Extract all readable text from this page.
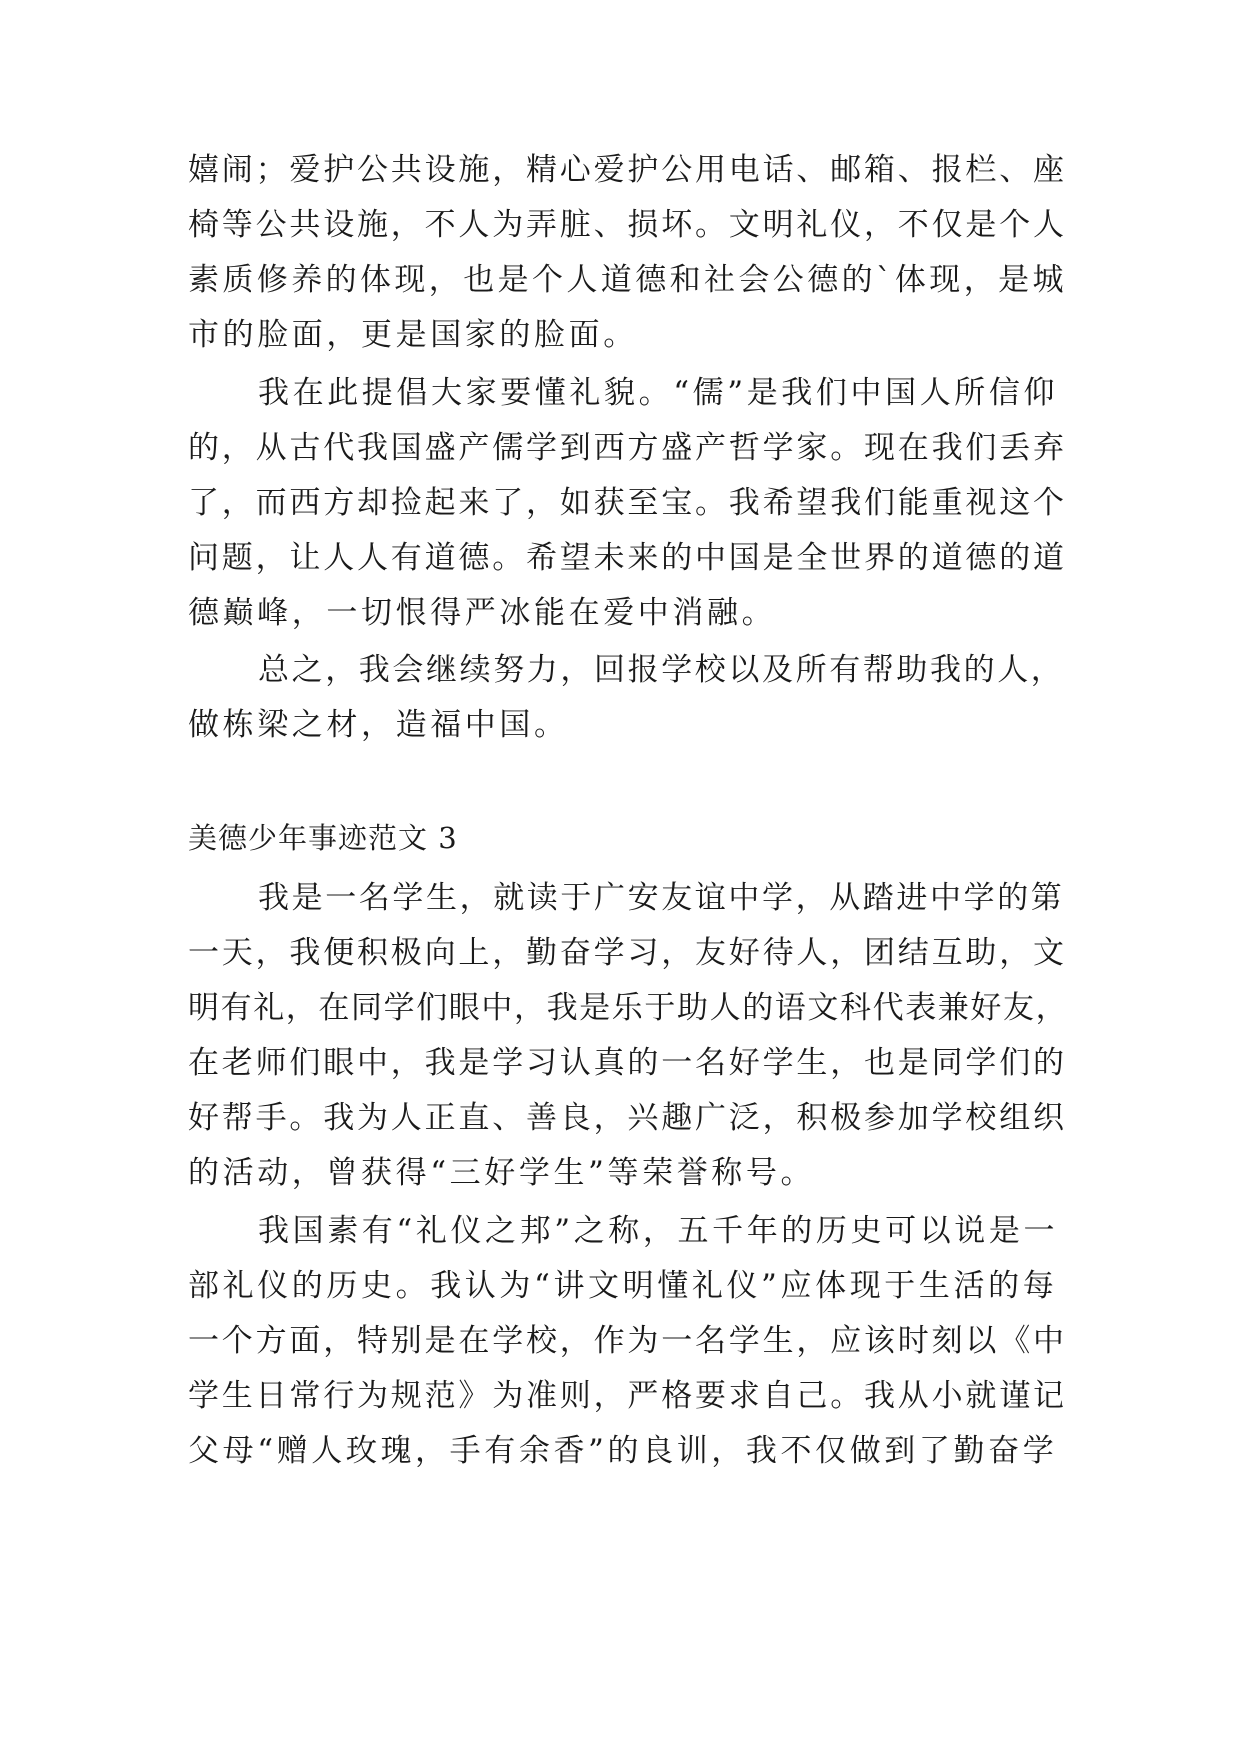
嬉闹；爱护公共设施，精心爱护公用电话、邮箱、报栏、座
椅等公共设施，不人为弄脏、损坏。文明礼仪，不仅是个人
素质修养的体现，也是个人道德和社会公德的`体现，是城
市的脸面，更是国家的脸面。
我在此提倡大家要懂礼貌。“儒”是我们中国人所信仰
的，从古代我国盛产儒学到西方盛产哲学家。现在我们丢弃
了，而西方却捡起来了，如获至宝。我希望我们能重视这个
问题，让人人有道德。希望未来的中国是全世界的道德的道
德巅峰，一切恨得严冰能在爱中消融。
总之，我会继续努力，回报学校以及所有帮助我的人，
做栋梁之材，造福中国。
美德少年事迹范文 3
我是一名学生，就读于广安友谊中学，从踏进中学的第
一天，我便积极向上，勤奋学习，友好待人，团结互助，文
明有礼，在同学们眼中，我是乐于助人的语文科代表兼好友，
在老师们眼中，我是学习认真的一名好学生，也是同学们的
好帮手。我为人正直、善良，兴趣广泛，积极参加学校组织
的活动，曾获得“三好学生”等荣誉称号。
我国素有“礼仪之邦”之称，五千年的历史可以说是一
部礼仪的历史。我认为“讲文明懂礼仪”应体现于生活的每
一个方面，特别是在学校，作为一名学生，应该时刻以《中
学生日常行为规范》为准则，严格要求自己。我从小就谨记
父母“赠人玫瑰，手有余香”的良训，我不仅做到了勤奋学
